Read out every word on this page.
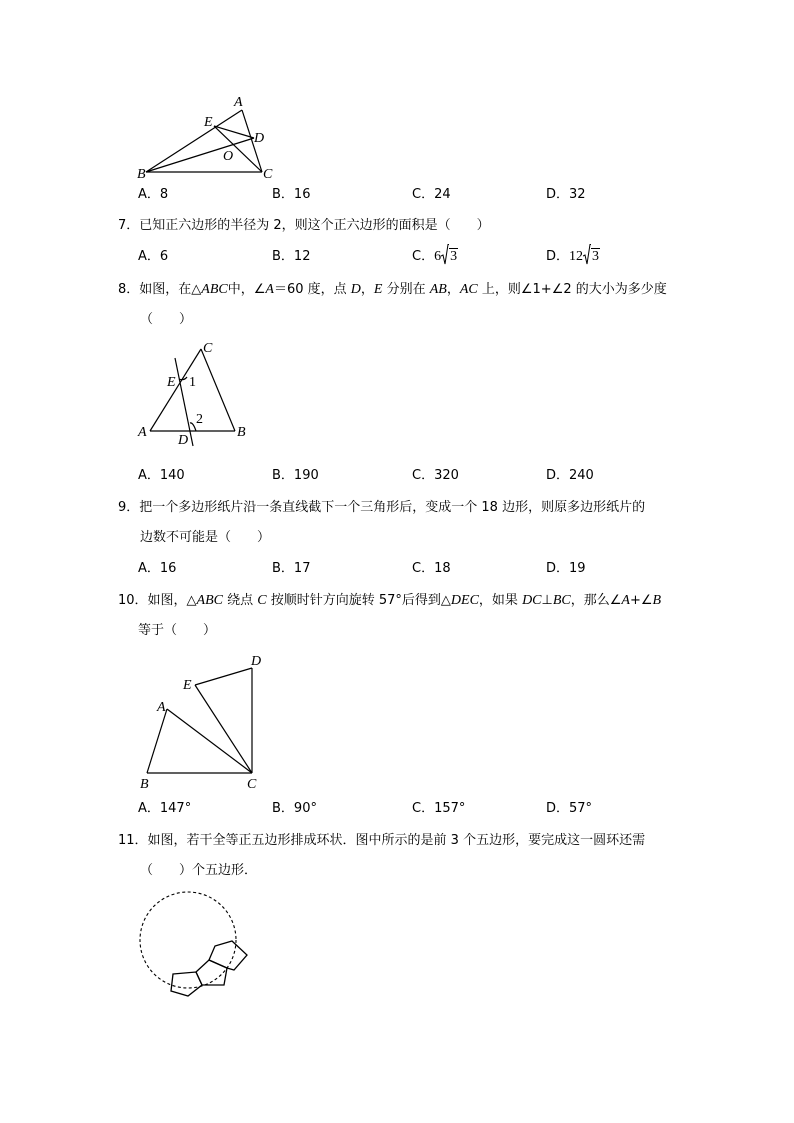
A
E
D
O
B	C
A．8	B．16	C．24	D．32
7．已知正六边形的半径为 2，则这个正六边形的面积是（　　）
A．6	B．12	C．6 3	D．12 3
8．如图，在△ABC中，∠A＝60 度，点 D，E 分别在 AB，AC 上，则∠1+∠2 的大小为多少度
（　　）
C
E 1
2
A
D
B
A．140	B．190	C．320	D．240
9．把一个多边形纸片沿一条直线截下一个三角形后，变成一个 18 边形，则原多边形纸片的
边数不可能是（　　）
A．16	B．17	C．18	D．19
10．如图，△ABC 绕点 C 按顺时针方向旋转 57°后得到△DEC，如果 DC⊥BC，那么∠A+∠B
等于（　　）
D
E
A
B	C
A．147°	B．90°	C．157°	D．57°
11．如图，若干全等正五边形排成环状．图中所示的是前 3 个五边形，要完成这一圆环还需
（　　）个五边形．
